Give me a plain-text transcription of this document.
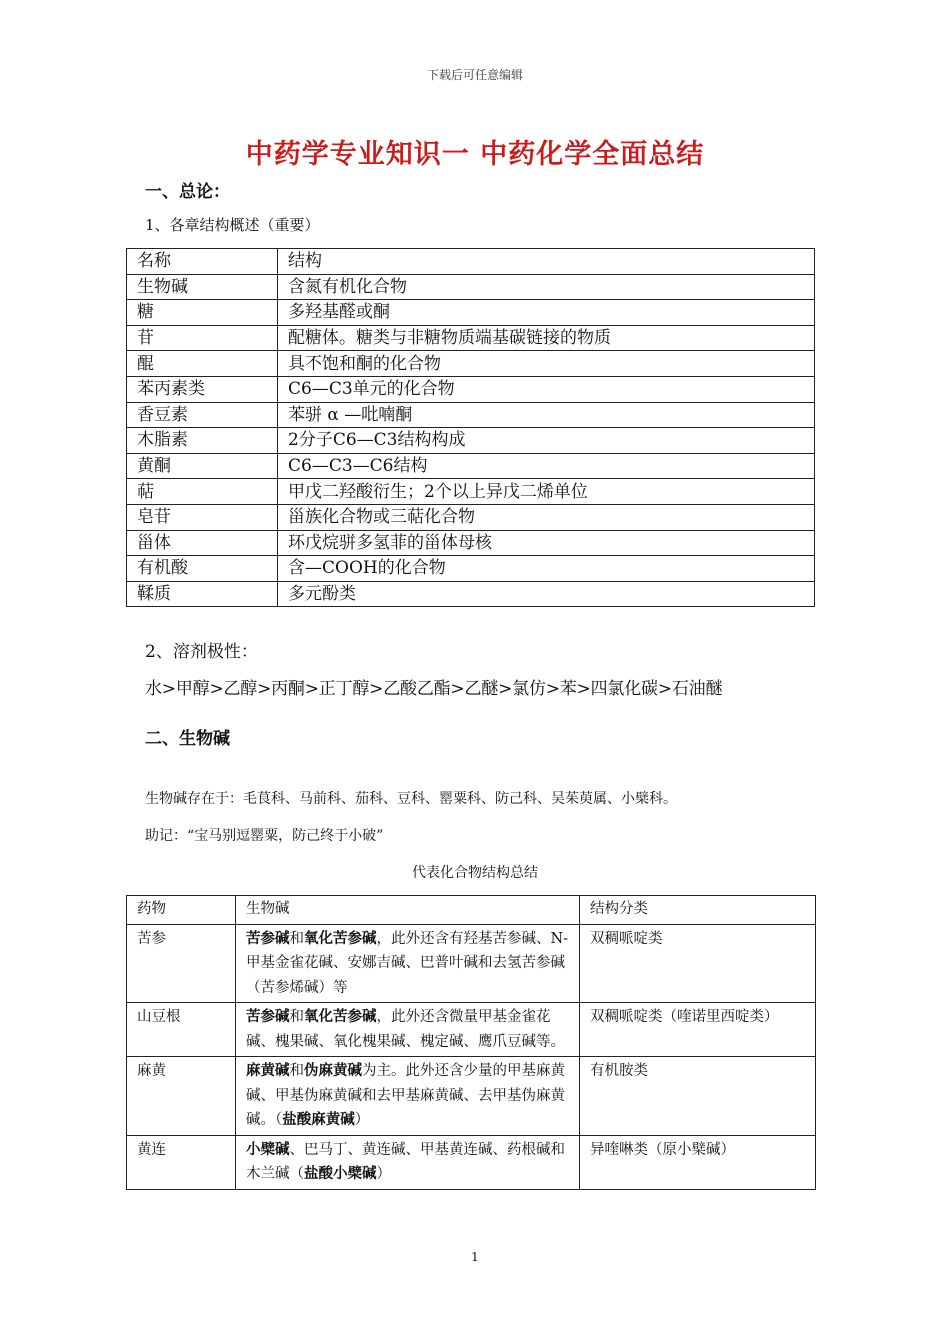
下载后可任意编辑
中药学专业知识一 中药化学全面总结
一、总论：
1、各章结构概述（重要）
名称	结构
生物碱	含氮有机化合物
糖	多羟基醛或酮
苷	配糖体。糖类与非糖物质端基碳链接的物质
醌	具不饱和酮的化合物
苯丙素类	C6—C3单元的化合物
香豆素	苯骈 α —吡喃酮
木脂素	2分子C6—C3结构构成
黄酮	C6—C3—C6结构
萜	甲戊二羟酸衍生；2个以上异戊二烯单位
皂苷	甾族化合物或三萜化合物
甾体	环戊烷骈多氢菲的甾体母核
有机酸	含—COOH的化合物
鞣质	多元酚类
2、溶剂极性：
水>甲醇>乙醇>丙酮>正丁醇>乙酸乙酯>乙醚>氯仿>苯>四氯化碳>石油醚
二、生物碱
生物碱存在于：毛茛科、马前科、茄科、豆科、罂粟科、防己科、吴茱萸属、小檗科。
助记：“宝马别逗罂粟，防己终于小破”
代表化合物结构总结
药物	生物碱	结构分类
苦参	苦参碱和氧化苦参碱，此外还含有羟基苦参碱、N-甲基金雀花碱、安娜吉碱、巴普叶碱和去氢苦参碱（苦参烯碱）等	双稠哌啶类
山豆根	苦参碱和氧化苦参碱，此外还含微量甲基金雀花碱、槐果碱、氧化槐果碱、槐定碱、鹰爪豆碱等。	双稠哌啶类（喹诺里西啶类）
麻黄	麻黄碱和伪麻黄碱为主。此外还含少量的甲基麻黄碱、甲基伪麻黄碱和去甲基麻黄碱、去甲基伪麻黄碱。（盐酸麻黄碱）	有机胺类
黄连	小檗碱、巴马丁、黄连碱、甲基黄连碱、药根碱和木兰碱（盐酸小檗碱）	异喹啉类（原小檗碱）
1
